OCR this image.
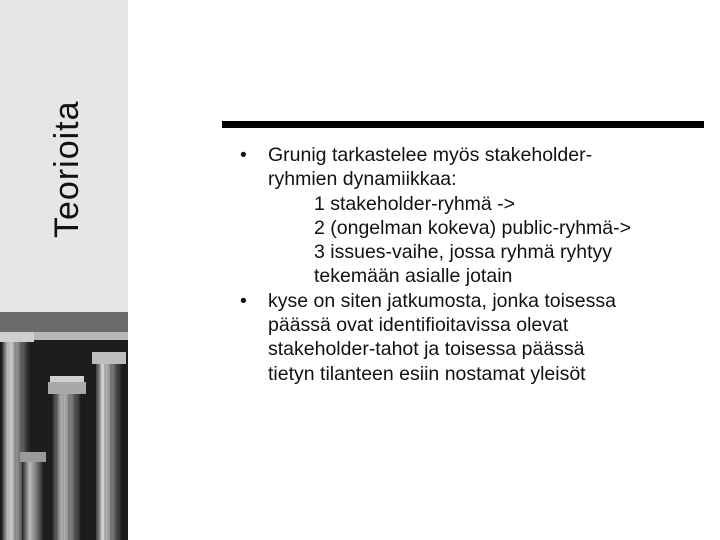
Teorioita	• Grunig tarkastelee myös stakeholder-
ryhmien dynamiikkaa:
1 stakeholder-ryhmä ->
2 (ongelman kokeva) public-ryhmä->
3 issues-vaihe, jossa ryhmä ryhtyy
tekemään asialle jotain
• kyse on siten jatkumosta, jonka toisessa
päässä ovat identifioitavissa olevat
stakeholder-tahot ja toisessa päässä
tietyn tilanteen esiin nostamat yleisöt
